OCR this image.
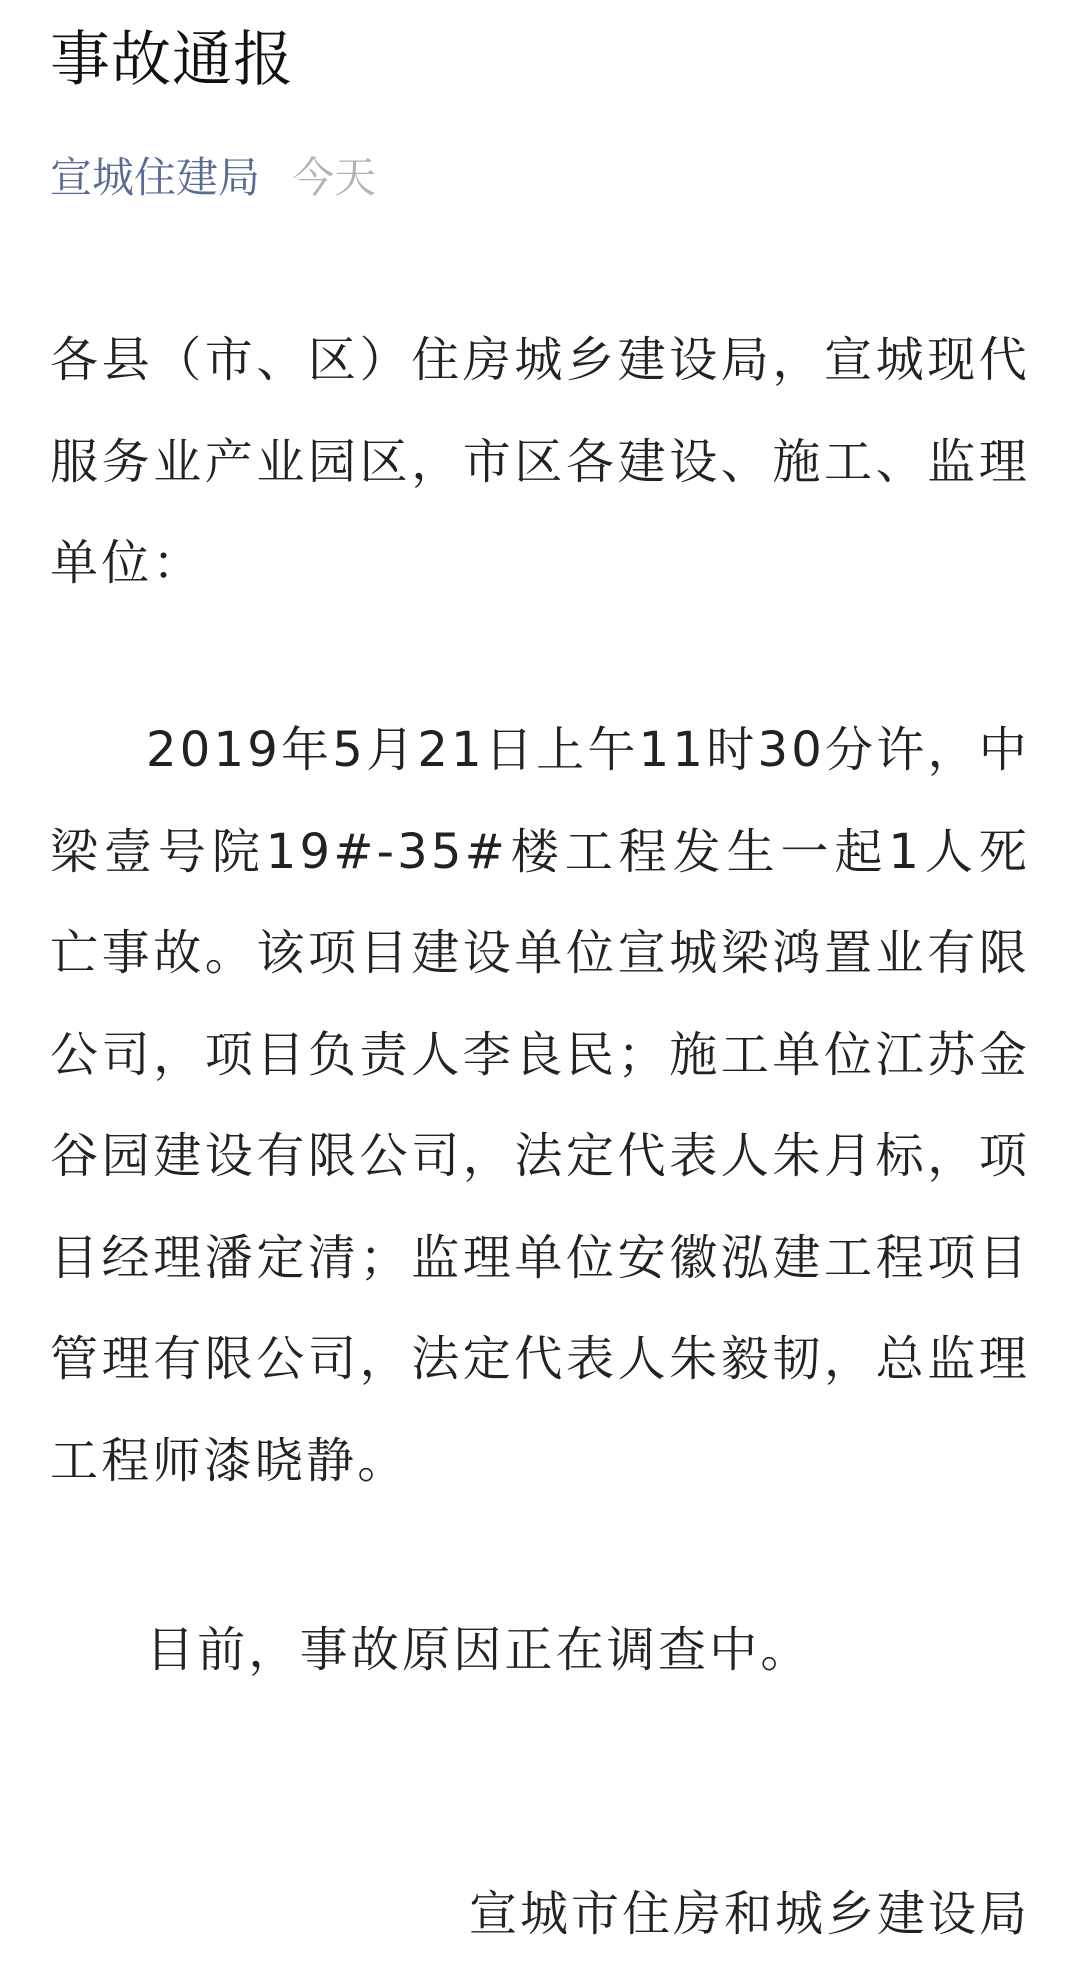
事故通报
宣城住建局 今天

各县（市、区）住房城乡建设局，宣城现代服务业产业园区，市区各建设、施工、监理单位：

2019年5月21日上午11时30分许，中梁壹号院19#-35#楼工程发生一起1人死亡事故。该项目建设单位宣城梁鸿置业有限公司，项目负责人李良民；施工单位江苏金谷园建设有限公司，法定代表人朱月标，项目经理潘定清；监理单位安徽泓建工程项目管理有限公司，法定代表人朱毅韧，总监理工程师漆晓静。

目前，事故原因正在调查中。

宣城市住房和城乡建设局
